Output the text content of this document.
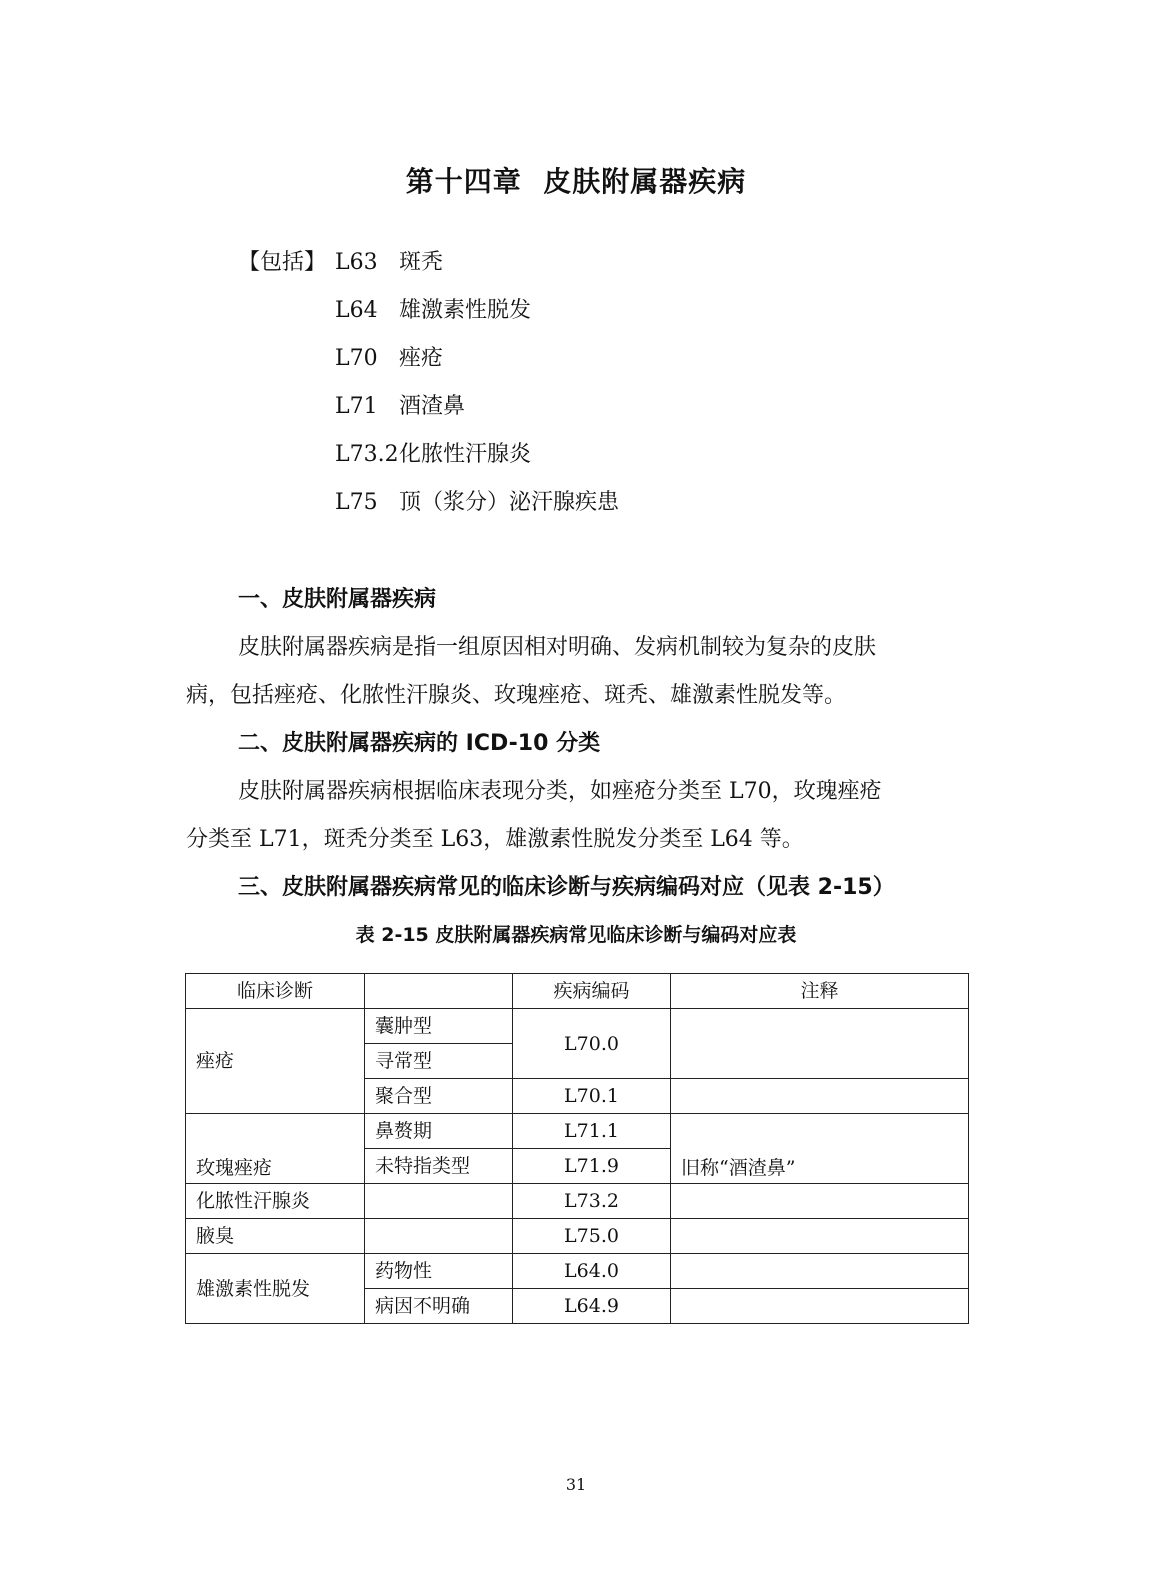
第十四章  皮肤附属器疾病
【包括】 L63 斑秃
L64 雄激素性脱发
L70 痤疮
L71 酒渣鼻
L73.2化脓性汗腺炎
L75 顶（浆分）泌汗腺疾患
一、皮肤附属器疾病
皮肤附属器疾病是指一组原因相对明确、发病机制较为复杂的皮肤
病，包括痤疮、化脓性汗腺炎、玫瑰痤疮、斑秃、雄激素性脱发等。
二、皮肤附属器疾病的 ICD-10 分类
皮肤附属器疾病根据临床表现分类，如痤疮分类至 L70，玫瑰痤疮
分类至 L71，斑秃分类至 L63，雄激素性脱发分类至 L64 等。
三、皮肤附属器疾病常见的临床诊断与疾病编码对应（见表 2-15）
表 2-15 皮肤附属器疾病常见临床诊断与编码对应表
临床诊断		疾病编码	注释
痤疮	囊肿型	L70.0	
	寻常型		
	聚合型	L70.1	
玫瑰痤疮	鼻赘期	L71.1	旧称“酒渣鼻”
	未特指类型	L71.9	
化脓性汗腺炎		L73.2	
腋臭		L75.0	
雄激素性脱发	药物性	L64.0	
	病因不明确	L64.9	
31
